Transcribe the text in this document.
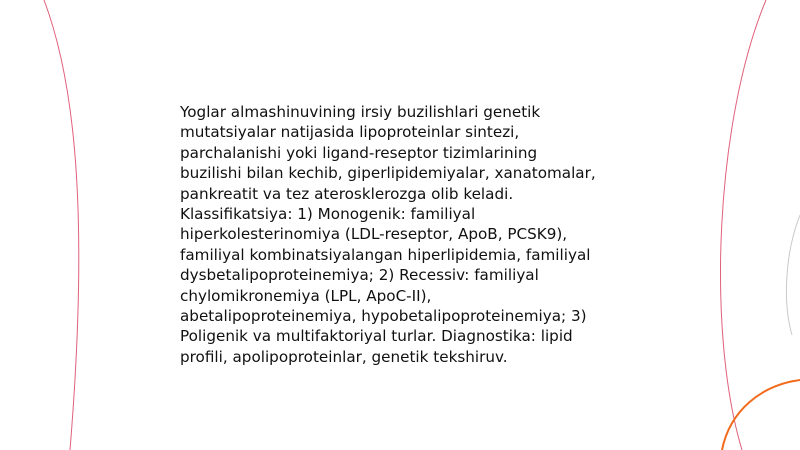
Yoglar almashinuvining irsiy buzilishlari genetik
mutatsiyalar natijasida lipoproteinlar sintezi,
parchalanishi yoki ligand-reseptor tizimlarining
buzilishi bilan kechib, giperlipidemiyalar, xanatomalar,
pankreatit va tez aterosklerozga olib keladi.
Klassifikatsiya: 1) Monogenik: familiyal
hiperkolesterinomiya (LDL-reseptor, ApoB, PCSK9),
familiyal kombinatsiyalangan hiperlipidemia, familiyal
dysbetalipoproteinemiya; 2) Recessiv: familiyal
chylomikronemiya (LPL, ApoC-II),
abetalipoproteinemiya, hypobetalipoproteinemiya; 3)
Poligenik va multifaktoriyal turlar. Diagnostika: lipid
profili, apolipoproteinlar, genetik tekshiruv.
